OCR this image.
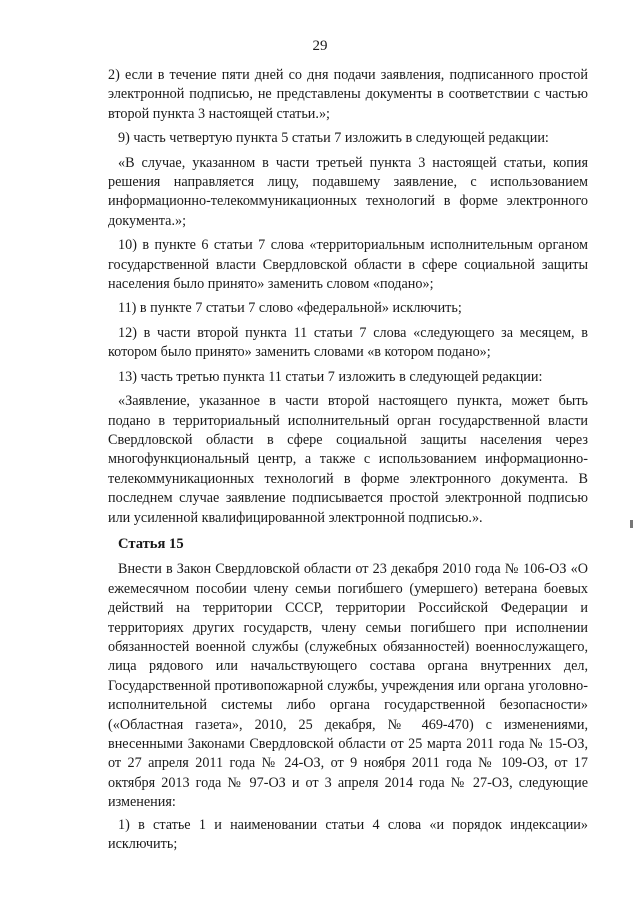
29

2) если в течение пяти дней со дня подачи заявления, подписанного простой электронной подписью, не представлены документы в соответствии с частью второй пункта 3 настоящей статьи.»;

9) часть четвертую пункта 5 статьи 7 изложить в следующей редакции:

«В случае, указанном в части третьей пункта 3 настоящей статьи, копия решения направляется лицу, подавшему заявление, с использованием информационно-телекоммуникационных технологий в форме электронного документа.»;

10) в пункте 6 статьи 7 слова «территориальным исполнительным органом государственной власти Свердловской области в сфере социальной защиты населения было принято» заменить словом «подано»;

11) в пункте 7 статьи 7 слово «федеральной» исключить;

12) в части второй пункта 11 статьи 7 слова «следующего за месяцем, в котором было принято» заменить словами «в котором подано»;

13) часть третью пункта 11 статьи 7 изложить в следующей редакции:

«Заявление, указанное в части второй настоящего пункта, может быть подано в территориальный исполнительный орган государственной власти Свердловской области в сфере социальной защиты населения через многофункциональный центр, а также с использованием информационно-телекоммуникационных технологий в форме электронного документа. В последнем случае заявление подписывается простой электронной подписью или усиленной квалифицированной электронной подписью.».

Статья 15

Внести в Закон Свердловской области от 23 декабря 2010 года № 106-ОЗ «О ежемесячном пособии члену семьи погибшего (умершего) ветерана боевых действий на территории СССР, территории Российской Федерации и территориях других государств, члену семьи погибшего при исполнении обязанностей военной службы (служебных обязанностей) военнослужащего, лица рядового или начальствующего состава органа внутренних дел, Государственной противопожарной службы, учреждения или органа уголовно-исполнительной системы либо органа государственной безопасности» («Областная газета», 2010, 25 декабря, № 469-470) с изменениями, внесенными Законами Свердловской области от 25 марта 2011 года № 15-ОЗ, от 27 апреля 2011 года № 24-ОЗ, от 9 ноября 2011 года № 109-ОЗ, от 17 октября 2013 года № 97-ОЗ и от 3 апреля 2014 года № 27-ОЗ, следующие изменения:

1) в статье 1 и наименовании статьи 4 слова «и порядок индексации» исключить;
